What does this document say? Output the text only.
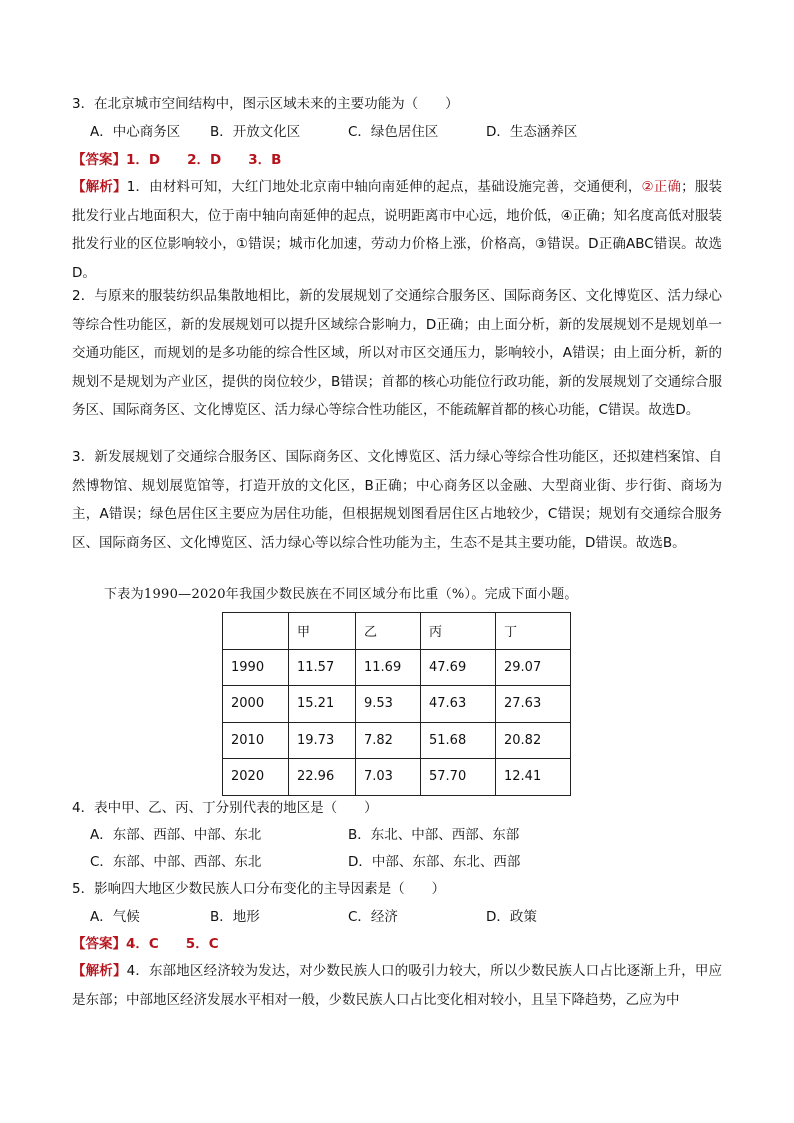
3．在北京城市空间结构中，图示区域未来的主要功能为（　　）
A．中心商务区 B．开放文化区	C．绿色居住区	D．生态涵养区
【答案】1．D　　2．D　　3．B
【解析】1．由材料可知，大红门地处北京南中轴向南延伸的起点，基础设施完善，交通便利，②正确；服装批发行业占地面积大，位于南中轴向南延伸的起点，说明距离市中心远，地价低，④正确；知名度高低对服装批发行业的区位影响较小，①错误；城市化加速，劳动力价格上涨，价格高，③错误。D正确ABC错误。故选D。
2．与原来的服装纺织品集散地相比，新的发展规划了交通综合服务区、国际商务区、文化博览区、活力绿心等综合性功能区，新的发展规划可以提升区域综合影响力，D正确；由上面分析，新的发展规划不是规划单一交通功能区，而规划的是多功能的综合性区域，所以对市区交通压力，影响较小，A错误；由上面分析，新的规划不是规划为产业区，提供的岗位较少，B错误；首都的核心功能位行政功能，新的发展规划了交通综合服务区、国际商务区、文化博览区、活力绿心等综合性功能区，不能疏解首都的核心功能，C错误。故选D。
3．新发展规划了交通综合服务区、国际商务区、文化博览区、活力绿心等综合性功能区，还拟建档案馆、自然博物馆、规划展览馆等，打造开放的文化区，B正确；中心商务区以金融、大型商业街、步行街、商场为主，A错误；绿色居住区主要应为居住功能，但根据规划图看居住区占地较少，C错误；规划有交通综合服务区、国际商务区、文化博览区、活力绿心等以综合性功能为主，生态不是其主要功能，D错误。故选B。
下表为1990—2020年我国少数民族在不同区域分布比重（%）。完成下面小题。
	甲	乙	丙	丁
1990	11.57	11.69	47.69	29.07
2000	15.21	9.53	47.63	27.63
2010	19.73	7.82	51.68	20.82
2020	22.96	7.03	57.70	12.41
4．表中甲、乙、丙、丁分别代表的地区是（　　）
A．东部、西部、中部、东北	B．东北、中部、西部、东部
C．东部、中部、西部、东北	D．中部、东部、东北、西部
5．影响四大地区少数民族人口分布变化的主导因素是（　　）
A．气候	B．地形	C．经济	D．政策
【答案】4．C　　5．C
【解析】4．东部地区经济较为发达，对少数民族人口的吸引力较大，所以少数民族人口占比逐渐上升，甲应是东部；中部地区经济发展水平相对一般，少数民族人口占比变化相对较小，且呈下降趋势，乙应为中
